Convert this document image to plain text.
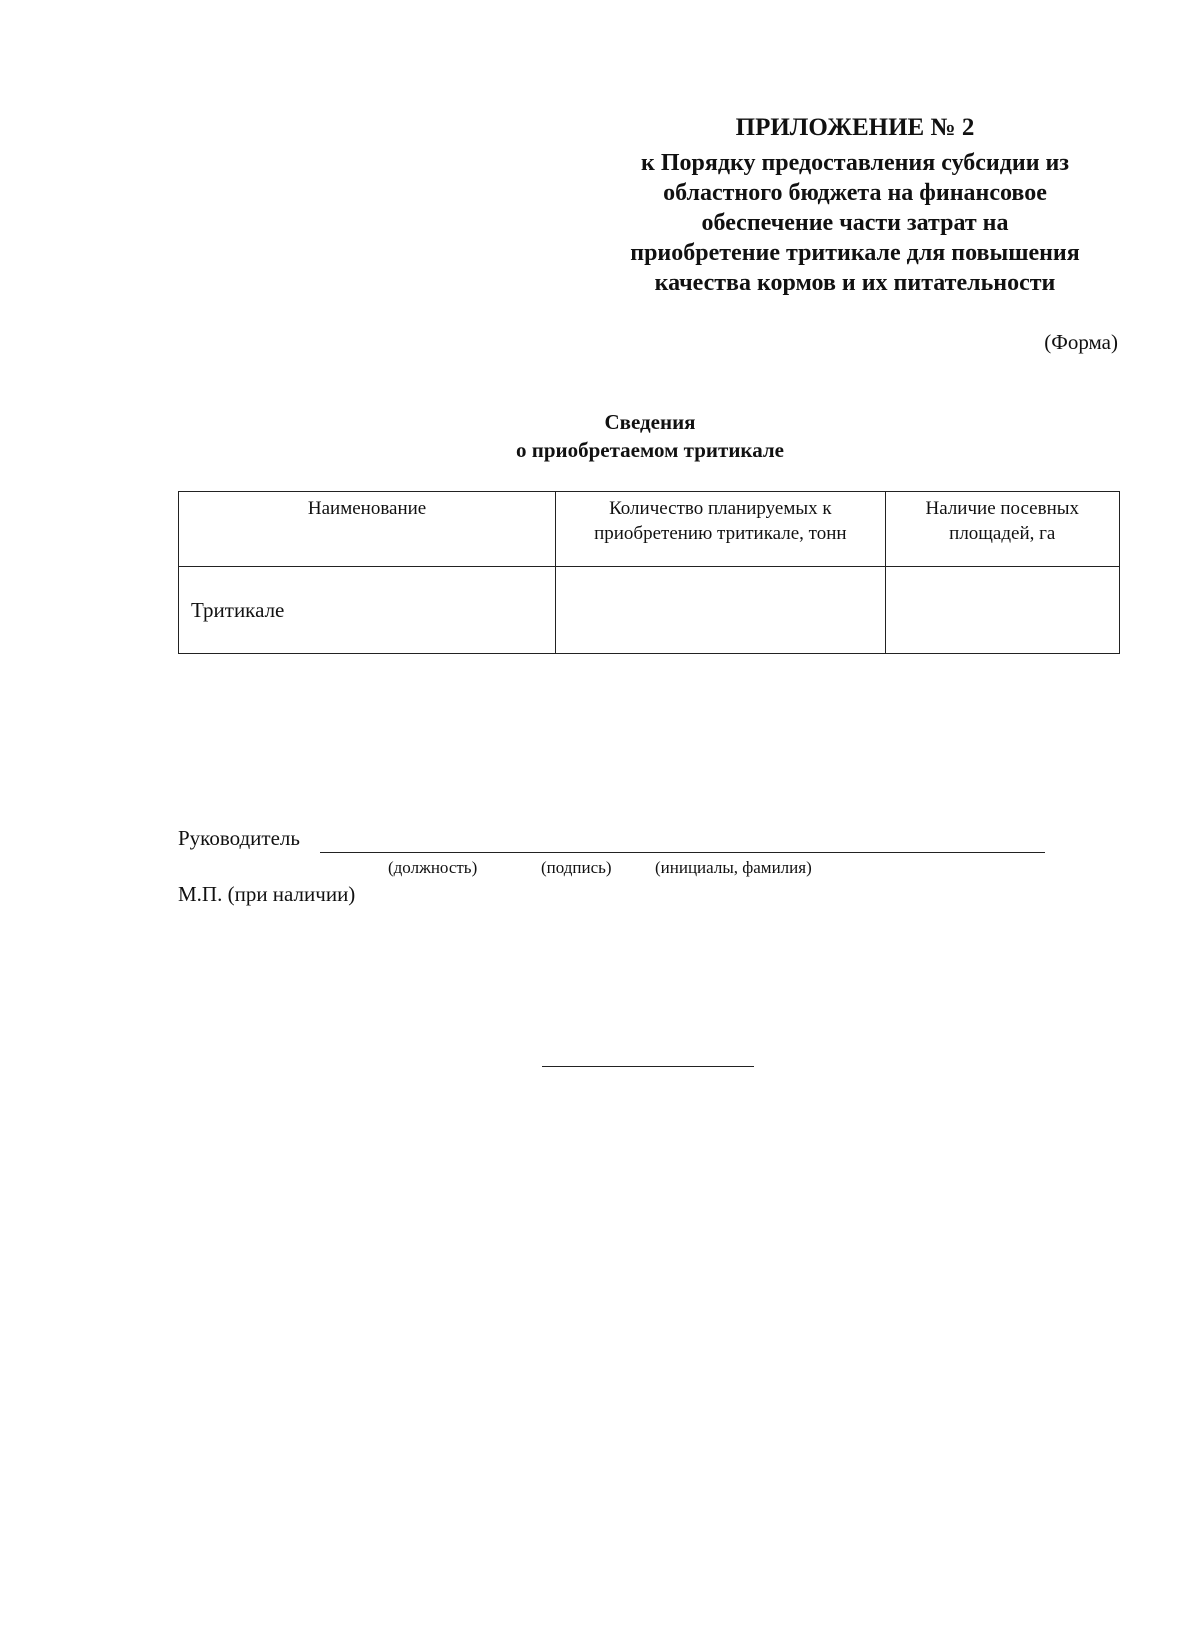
ПРИЛОЖЕНИЕ № 2
к Порядку предоставления субсидии из
областного бюджета на финансовое
обеспечение части затрат на
приобретение тритикале для повышения
качества кормов и их питательности
(Форма)
Сведения
о приобретаемом тритикале
Наименование	Количество планируемых к приобретению тритикале, тонн	Наличие посевных площадей, га
Тритикале		
Руководитель
(должность)	(подпись)	(инициалы, фамилия)
М.П. (при наличии)
